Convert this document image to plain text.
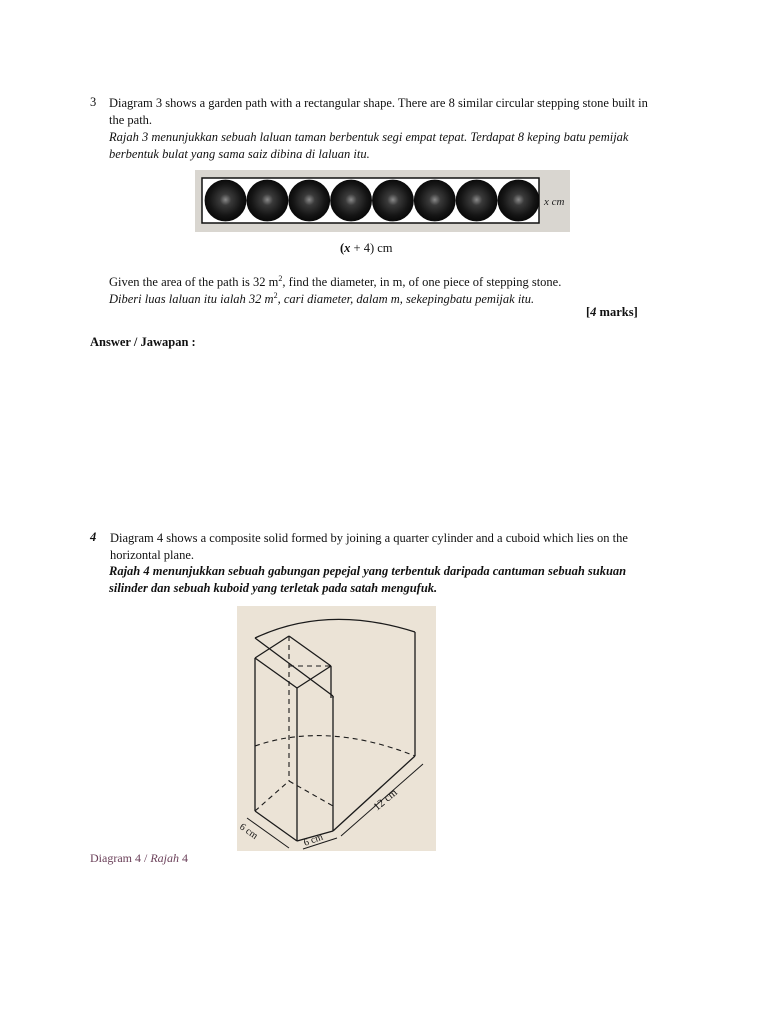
3 Diagram 3 shows a garden path with a rectangular shape. There are 8 similar circular stepping stone built in
the path.
Rajah 3 menunjukkan sebuah laluan taman berbentuk segi empat tepat. Terdapat 8 keping batu pemijak
berbentuk bulat yang sama saiz dibina di laluan itu.
x cm
(x + 4) cm
Given the area of the path is 32 $m^2$, find the diameter, in m, of one piece of stepping stone.
Diberi luas laluan itu ialah 32 $m^2$, cari diameter, dalam m, sekepingbatu pemijak itu.
[4 marks]
Answer / Jawapan :
4 Diagram 4 shows a composite solid formed by joining a quarter cylinder and a cuboid which lies on the
horizontal plane.
Rajah 4 menunjukkan sebuah gabungan pepejal yang terbentuk daripada cantuman sebuah sukuan
silinder dan sebuah kuboid yang terletak pada satah mengufuk.
12 cm
6 cm
6 cm
Diagram 4 / Rajah 4
